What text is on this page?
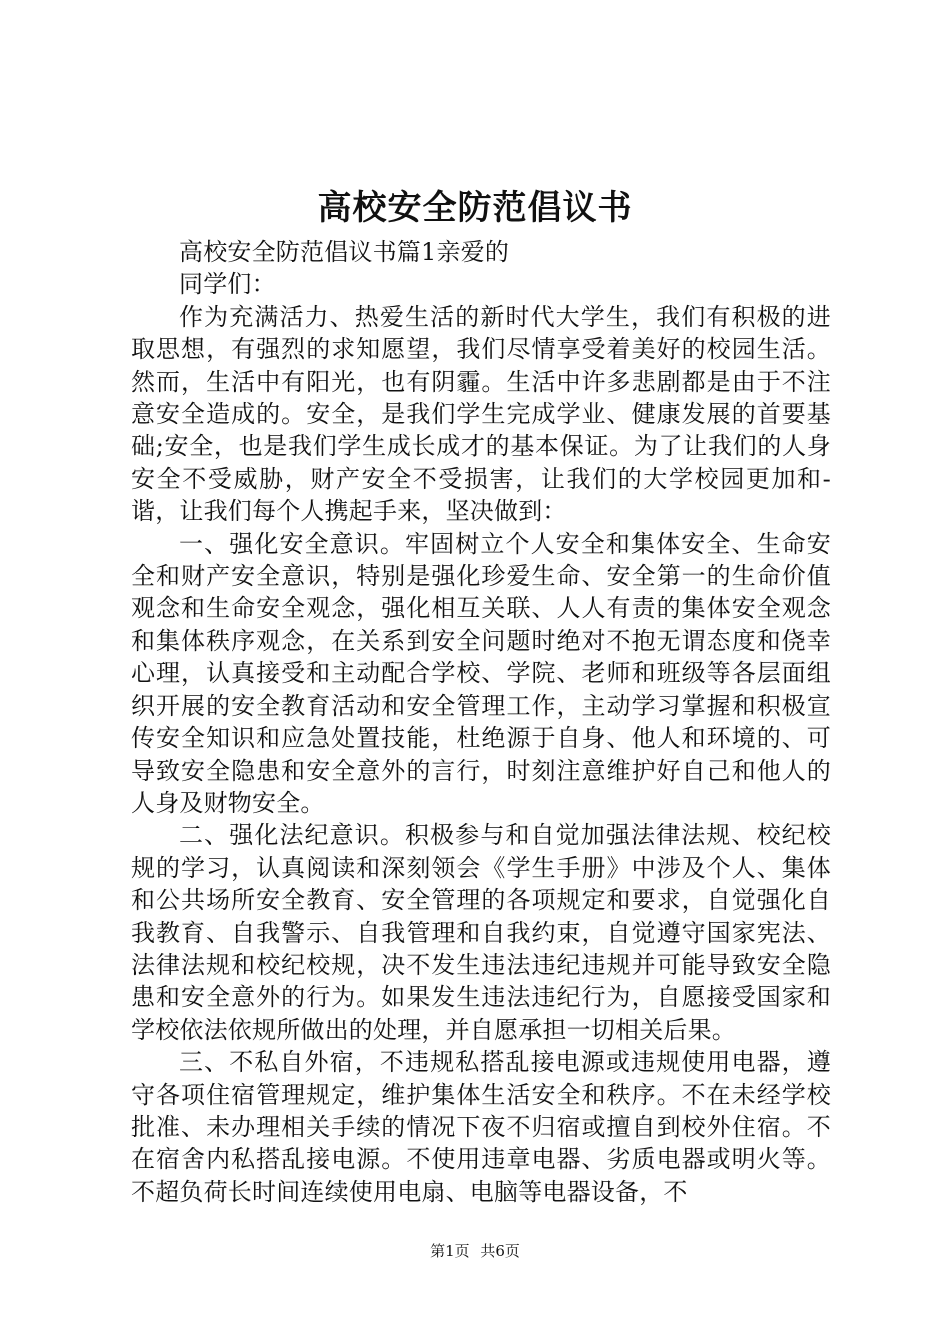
高校安全防范倡议书

高校安全防范倡议书篇1亲爱的

同学们：

作为充满活力、热爱生活的新时代大学生，我们有积极的进取思想，有强烈的求知愿望，我们尽情享受着美好的校园生活。然而，生活中有阳光，也有阴霾。生活中许多悲剧都是由于不注意安全造成的。安全，是我们学生完成学业、健康发展的首要基础;安全，也是我们学生成长成才的基本保证。为了让我们的人身安全不受威胁，财产安全不受损害，让我们的大学校园更加和-谐，让我们每个人携起手来，坚决做到：

一、强化安全意识。牢固树立个人安全和集体安全、生命安全和财产安全意识，特别是强化珍爱生命、安全第一的生命价值观念和生命安全观念，强化相互关联、人人有责的集体安全观念和集体秩序观念，在关系到安全问题时绝对不抱无谓态度和侥幸心理，认真接受和主动配合学校、学院、老师和班级等各层面组织开展的安全教育活动和安全管理工作，主动学习掌握和积极宣传安全知识和应急处置技能，杜绝源于自身、他人和环境的、可导致安全隐患和安全意外的言行，时刻注意维护好自己和他人的人身及财物安全。

二、强化法纪意识。积极参与和自觉加强法律法规、校纪校规的学习，认真阅读和深刻领会《学生手册》中涉及个人、集体和公共场所安全教育、安全管理的各项规定和要求，自觉强化自我教育、自我警示、自我管理和自我约束，自觉遵守国家宪法、法律法规和校纪校规，决不发生违法违纪违规并可能导致安全隐患和安全意外的行为。如果发生违法违纪行为，自愿接受国家和学校依法依规所做出的处理，并自愿承担一切相关后果。

三、不私自外宿，不违规私搭乱接电源或违规使用电器，遵守各项住宿管理规定，维护集体生活安全和秩序。不在未经学校批准、未办理相关手续的情况下夜不归宿或擅自到校外住宿。不在宿舍内私搭乱接电源。不使用违章电器、劣质电器或明火等。不超负荷长时间连续使用电扇、电脑等电器设备，不

第1页 共6页
